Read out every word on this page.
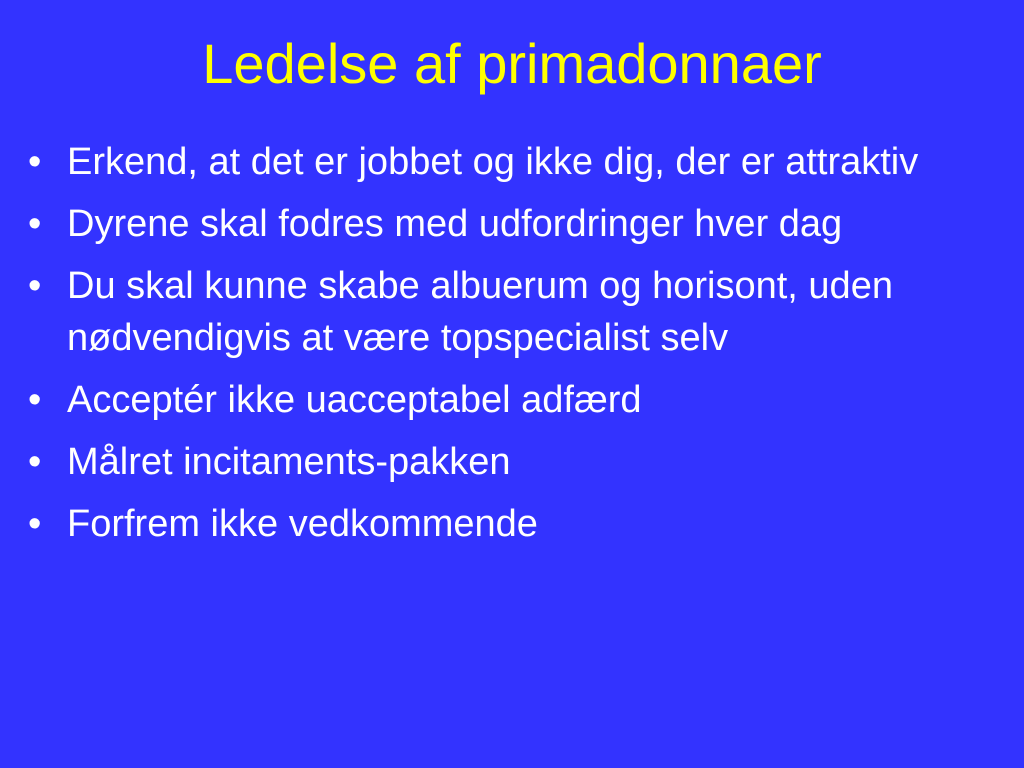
Ledelse af primadonnaer
• Erkend, at det er jobbet og ikke dig, der er attraktiv
• Dyrene skal fodres med udfordringer hver dag
• Du skal kunne skabe albuerum og horisont, uden nødvendigvis at være topspecialist selv
• Acceptér ikke uacceptabel adfærd
• Målret incitaments-pakken
• Forfrem ikke vedkommende
